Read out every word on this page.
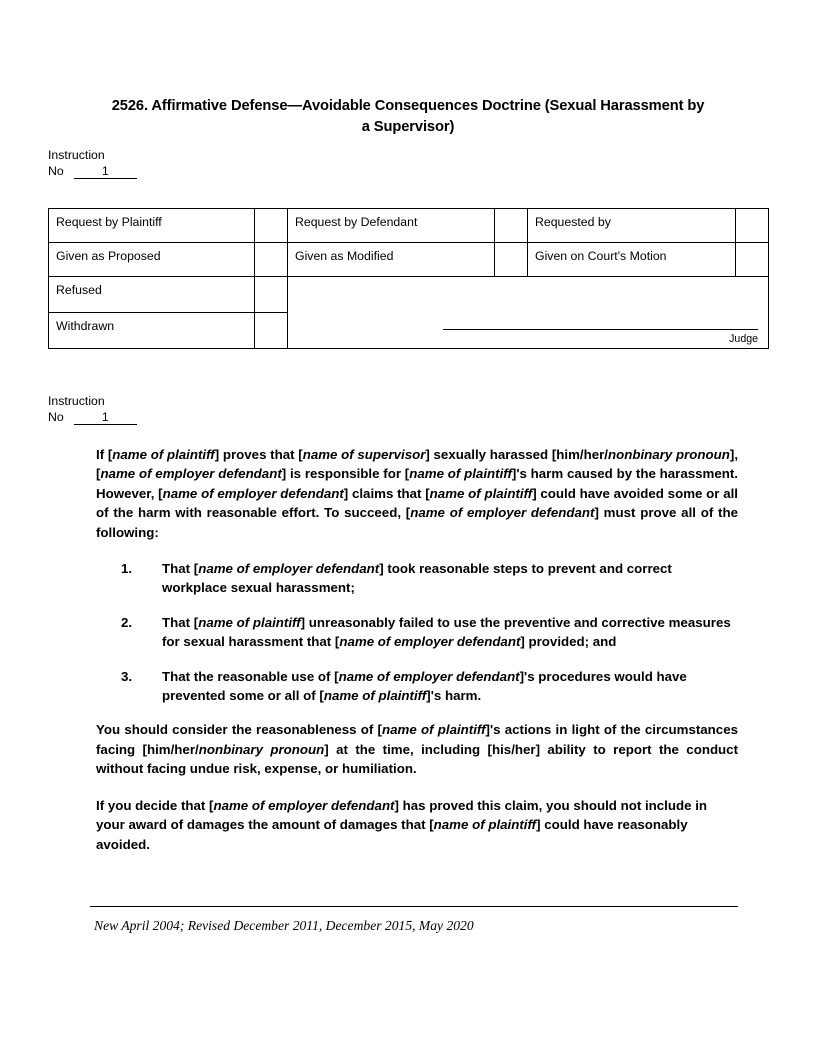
2526. Affirmative Defense—Avoidable Consequences Doctrine (Sexual Harassment by a Supervisor)
Instruction
No	1
Request by Plaintiff		Request by Defendant		Requested by	
Given as Proposed		Given as Modified		Given on Court's Motion	
Refused		Judge			

Withdrawn					
Instruction
No	1

If [name of plaintiff] proves that [name of supervisor] sexually harassed [him/her/nonbinary pronoun], [name of employer defendant] is responsible for [name of plaintiff]'s harm caused by the harassment. However, [name of employer defendant] claims that [name of plaintiff] could have avoided some or all of the harm with reasonable effort. To succeed, [name of employer defendant] must prove all of the following:

1. That [name of employer defendant] took reasonable steps to prevent and correct workplace sexual harassment;
2. That [name of plaintiff] unreasonably failed to use the preventive and corrective measures for sexual harassment that [name of employer defendant] provided; and
3. That the reasonable use of [name of employer defendant]'s procedures would have prevented some or all of [name of plaintiff]'s harm.

You should consider the reasonableness of [name of plaintiff]'s actions in light of the circumstances facing [him/her/nonbinary pronoun] at the time, including [his/her] ability to report the conduct without facing undue risk, expense, or humiliation.

If you decide that [name of employer defendant] has proved this claim, you should not include in your award of damages the amount of damages that [name of plaintiff] could have reasonably avoided.

New April 2004; Revised December 2011, December 2015, May 2020
